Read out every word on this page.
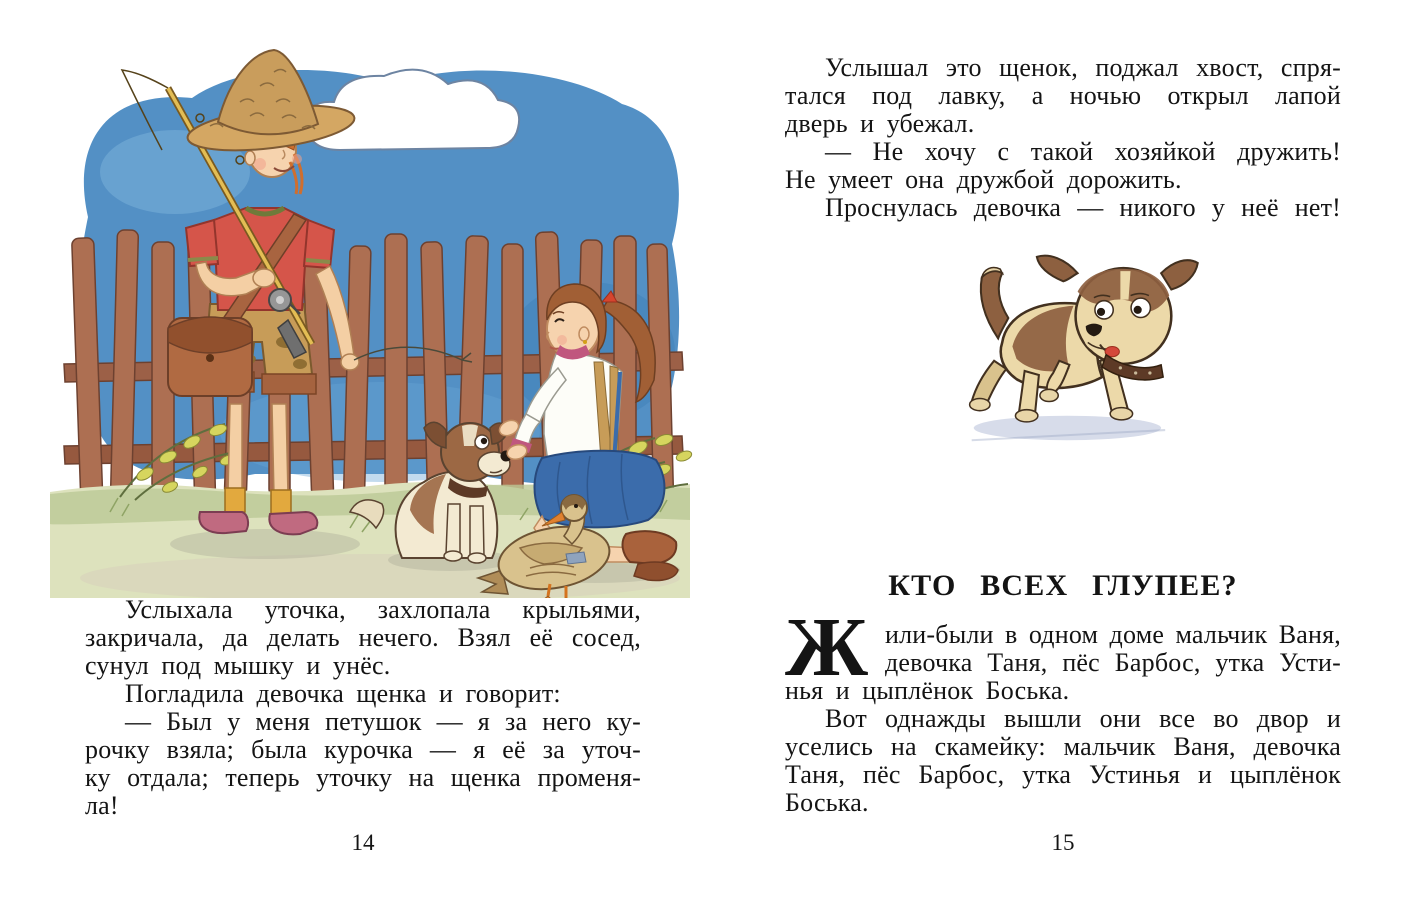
Услыхала уточка, захлопала крыльями,
закричала, да делать нечего. Взял её сосед,
сунул под мышку и унёс.
Погладила девочка щенка и говорит:
— Был у меня петушок — я за него ку-
рочку взяла; была курочка — я её за уточ-
ку отдала; теперь уточку на щенка променя-
ла!
14
Услышал это щенок, поджал хвост, спря-
тался под лавку, а ночью открыл лапой
дверь и убежал.
— Не хочу с такой хозяйкой дружить!
Не умеет она дружбой дорожить.
Проснулась девочка — никого у неё нет!
КТО ВСЕХ ГЛУПЕЕ?
Ж или-были в одном доме мальчик Ваня,
девочка Таня, пёс Барбос, утка Усти-
нья и цыплёнок Боська.
Вот однажды вышли они все во двор и
уселись на скамейку: мальчик Ваня, девочка
Таня, пёс Барбос, утка Устинья и цыплёнок
Боська.
15
